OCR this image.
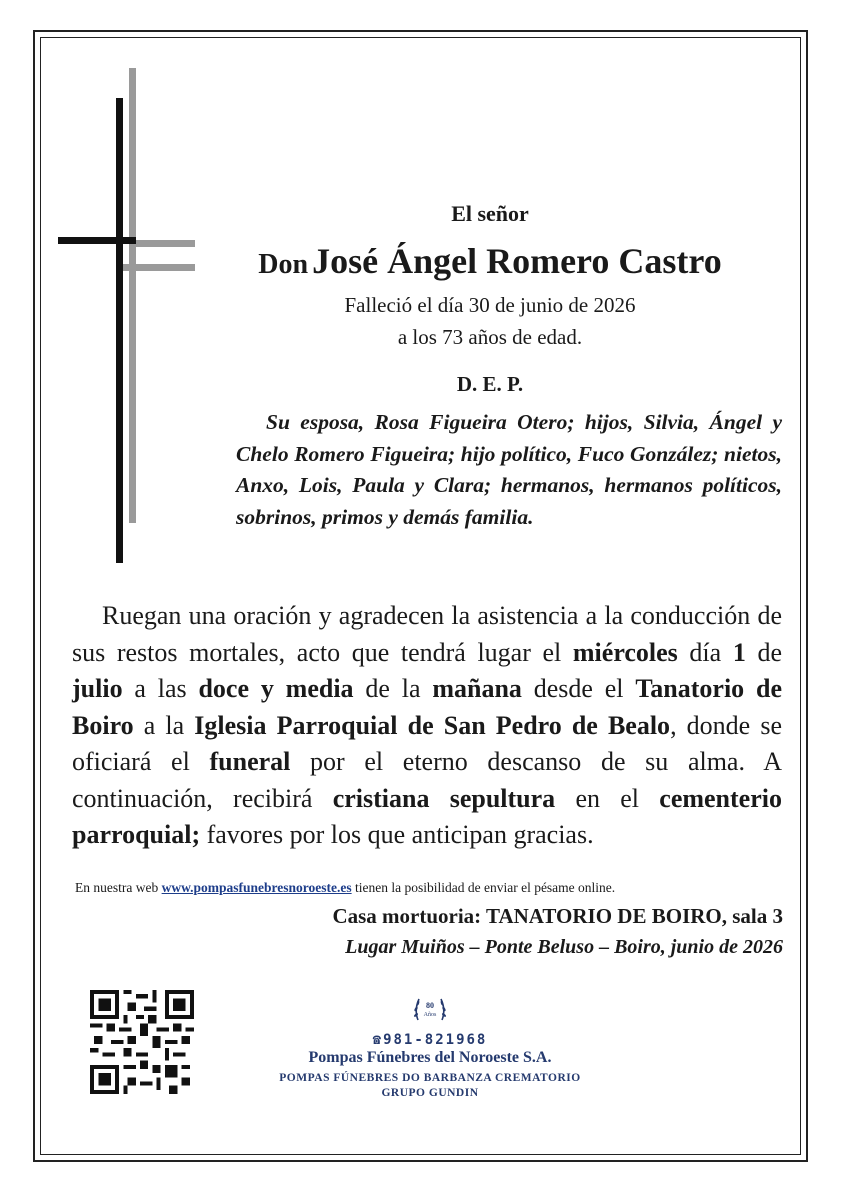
El señor
Don José Ángel Romero Castro
Falleció el día 30 de junio de 2026
a los 73 años de edad.
D. E. P.
Su esposa, Rosa Figueira Otero; hijos, Silvia, Ángel y Chelo Romero Figueira; hijo político, Fuco González; nietos, Anxo, Lois, Paula y Clara; hermanos, hermanos políticos, sobrinos, primos y demás familia.
Ruegan una oración y agradecen la asistencia a la conducción de sus restos mortales, acto que tendrá lugar el miércoles día 1 de julio a las doce y media de la mañana desde el Tanatorio de Boiro a la Iglesia Parroquial de San Pedro de Bealo, donde se oficiará el funeral por el eterno descanso de su alma. A continuación, recibirá cristiana sepultura en el cementerio parroquial; favores por los que anticipan gracias.
En nuestra web www.pompasfunebresnoroeste.es tienen la posibilidad de enviar el pésame online.
Casa mortuoria: TANATORIO DE BOIRO, sala 3
Lugar Muiños – Ponte Beluso – Boiro, junio de 2026
80
Años
☎981-821968
Pompas Fúnebres del Noroeste S.A.
POMPAS FÚNEBRES DO BARBANZA CREMATORIO
GRUPO GUNDIN
